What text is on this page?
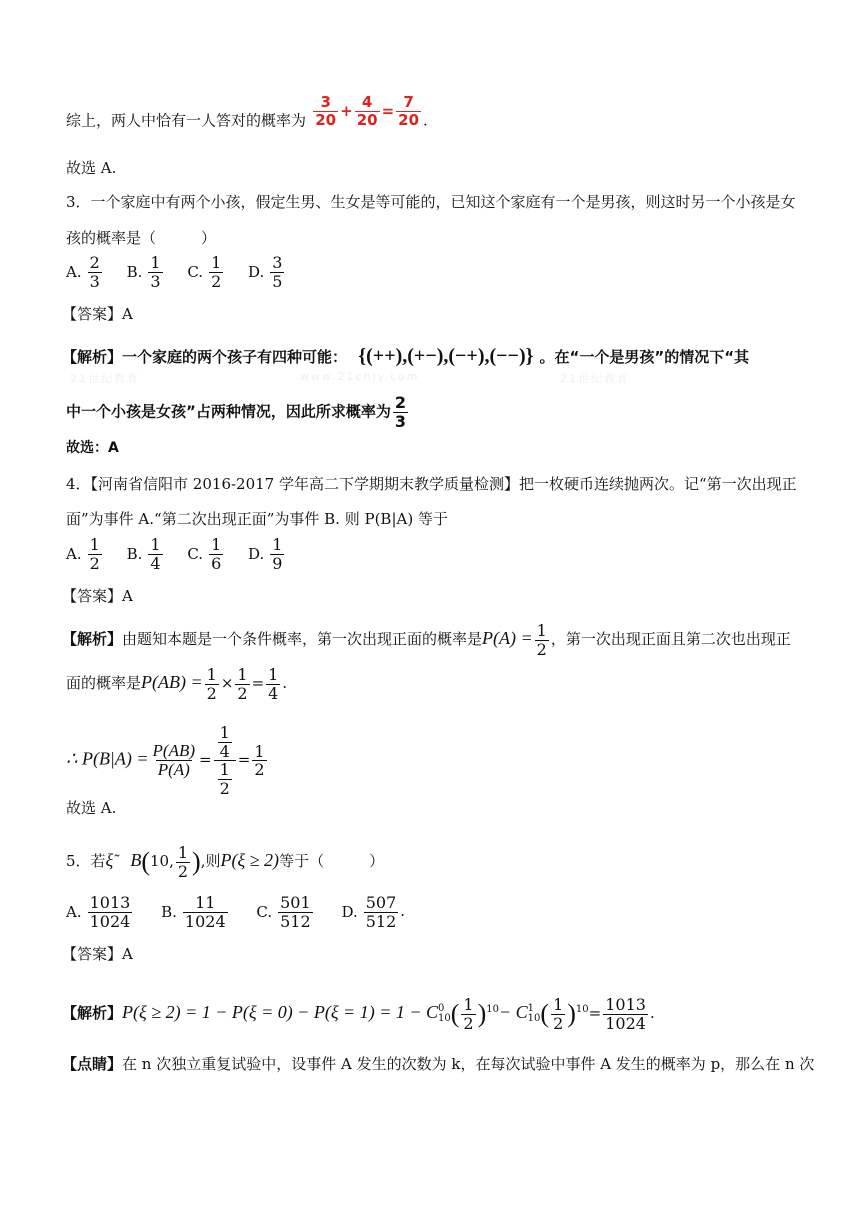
综上，两人中恰有一人答对的概率为 $\frac{3}{20} + \frac{4}{20} = \frac{7}{20}$ .
故选 A.
3．一个家庭中有两个小孩，假定生男、生女是等可能的，已知这个家庭有一个是男孩，则这时另一个小孩是女
孩的概率是（　　　）
A. $\frac{2}{3} B$. $\frac{1}{3} C$. $\frac{1}{2} D$. $\frac{3}{5}$
【答案】A
21世纪教育	www.21cnjy.com	21世纪教育
【解析】一个家庭的两个孩子有四种可能： {(++),(+−),(−+),(−−)} 。在“一个是男孩”的情况下“其
中一个小孩是女孩”占两种情况，因此所求概率为 $\frac{2}{3}$
故选：A
4．【河南省信阳市 2016-2017 学年高二下学期期末教学质量检测】把一枚硬币连续抛两次。记“第一次出现正
面”为事件 A.“第二次出现正面”为事件 B. 则 P(B|A) 等于
A. $\frac{1}{2} B$. $\frac{1}{4} C$. $\frac{1}{6} D$. $\frac{1}{9}$
【答案】A
【解析】由题知本题是一个条件概率，第一次出现正面的概率是$P(A) = \frac{1}{2}$ ，第一次出现正面且第二次也出现正
面的概率是$P(AB) = \frac{1}{2} \times \frac{1}{2} = \frac{1}{4}$ .
∴ $P(B|A) = \frac{P(AB)}{P(A)} = \frac{\frac{1}{4}}{\frac{1}{2}} = \frac{1}{2}$
故选 A.
5．若ξ˜ B(10, $\frac{1}{2}$ ),则P(ξ ≥ 2)等于（　　　）
A. $\frac{1013}{1024} B$. $\frac{11}{1024} C$. $\frac{501}{512} D$. $\frac{507}{512}$ .
【答案】A
【解析】P(ξ ≥ 2) = 1 − P(ξ = 0) − P(ξ = 1) = 1 − C 0
10 ( $\frac{1}{2} )^{10}- C$ 1
10 ( $\frac{1}{2} )^{10}= \frac{1013}{1024}$ .
【点睛】在 n 次独立重复试验中，设事件 A 发生的次数为 k，在每次试验中事件 A 发生的概率为 p，那么在 n 次
